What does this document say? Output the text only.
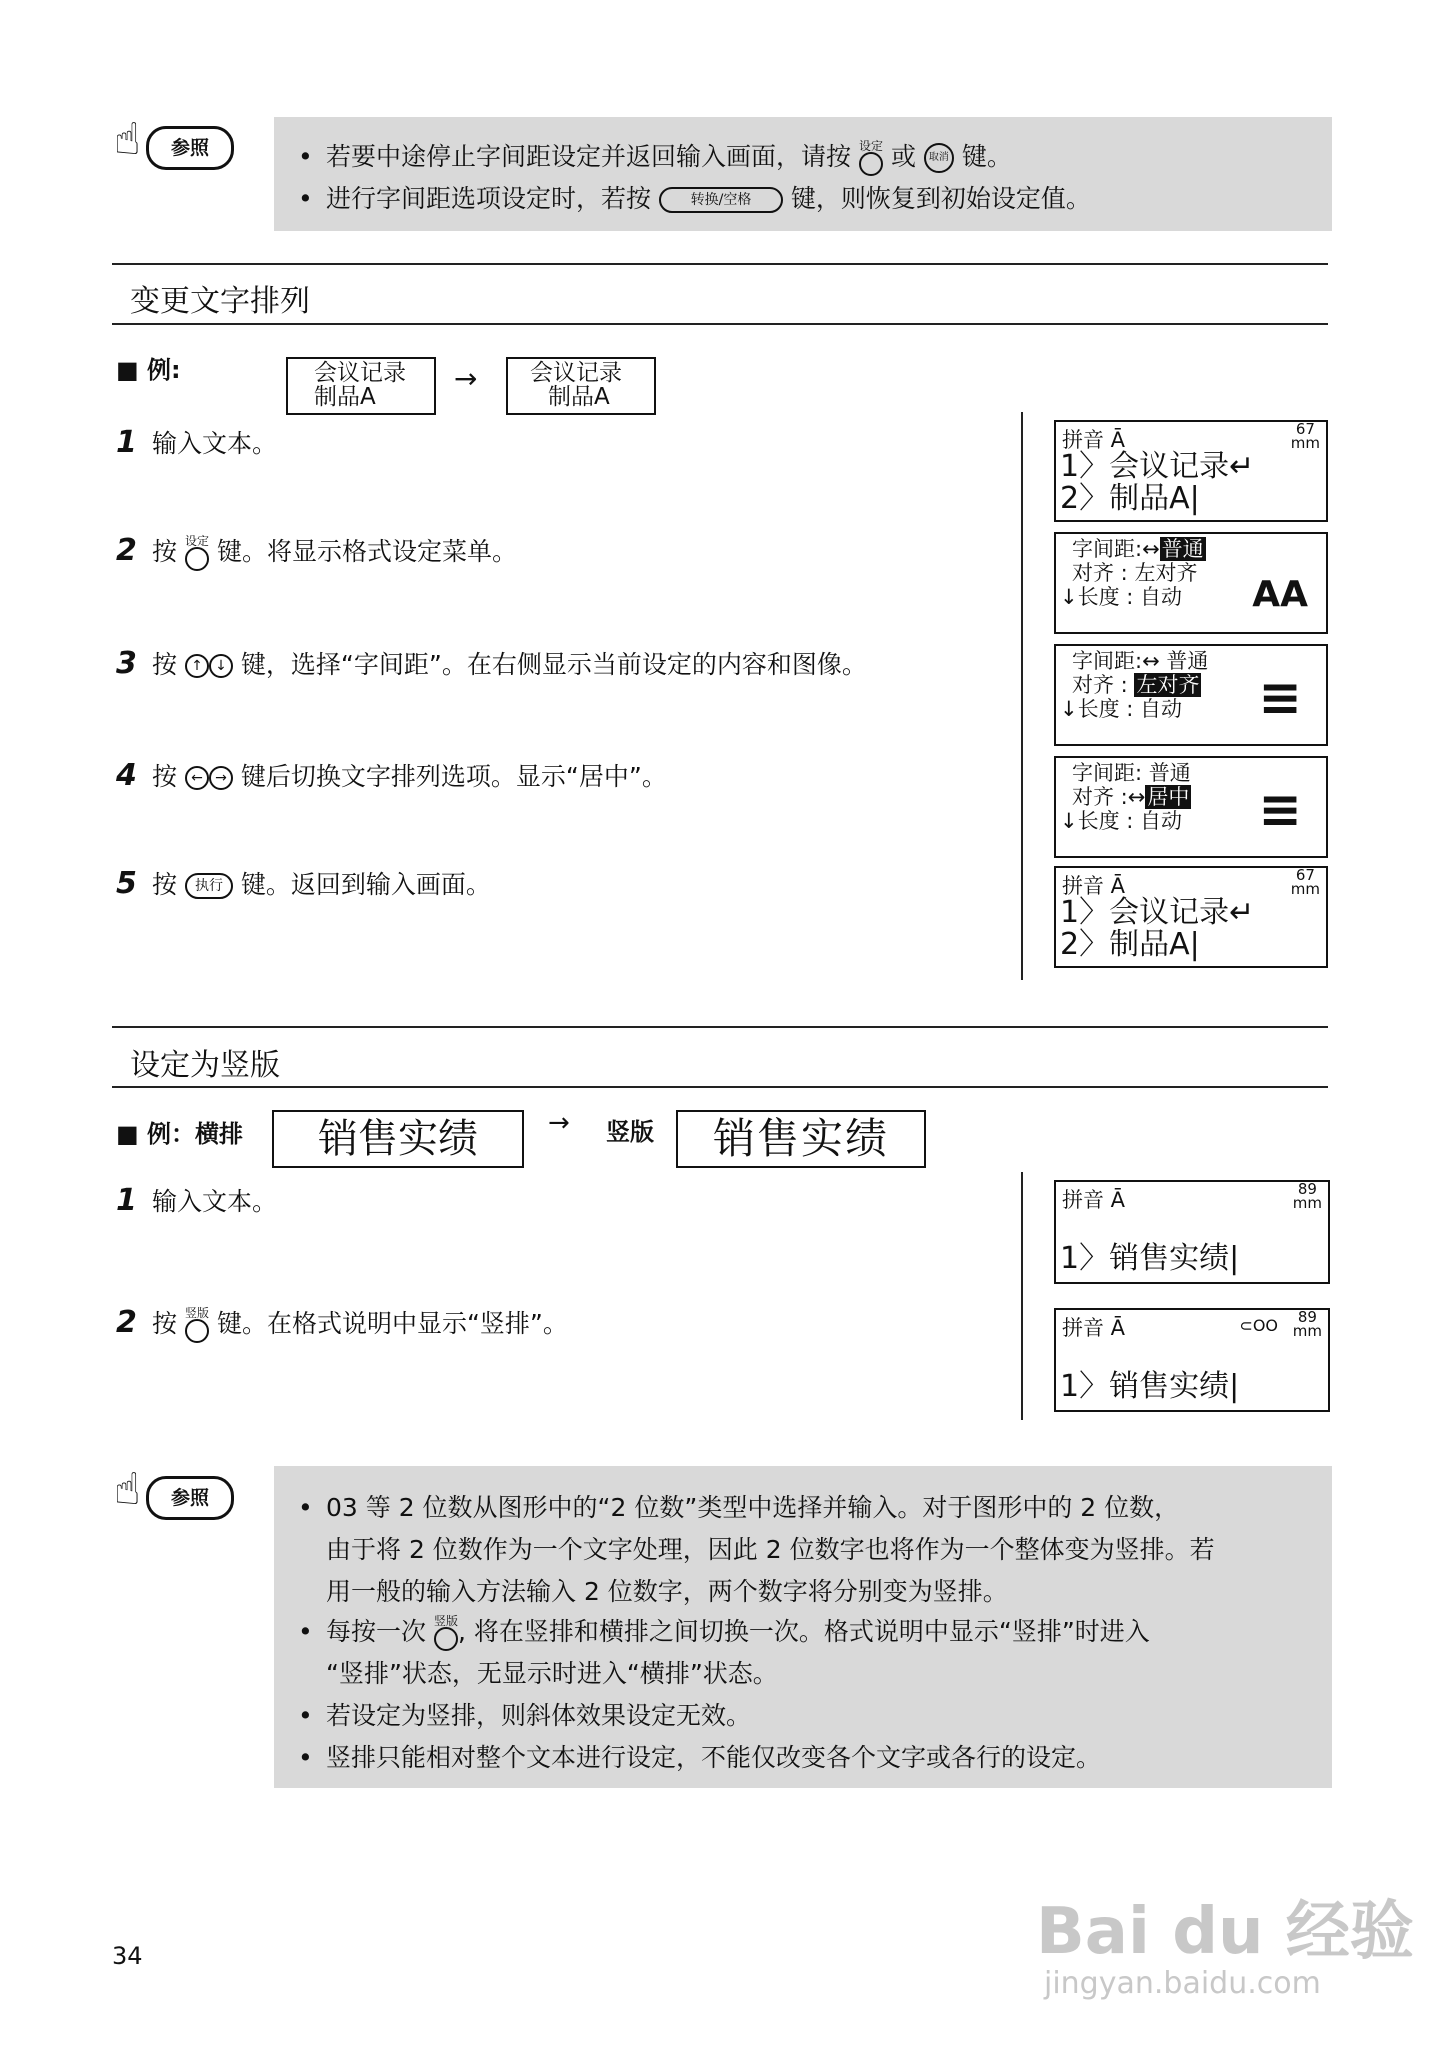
☝	参照	• 若要中途停止字间距设定并返回输入画面，请按 设定 或 取消 键。
• 进行字间距选项设定时，若按	转换/空格 键，则恢复到初始设定值。
变更文字排列
■ 例:	会议记录
制品A
→ 会议记录
制品A
1 输入文本。
2 按 设定 键。将显示格式设定菜单。
3 按 ↑ ↓ 键，选择“字间距”。在右侧显示当前设定的内容和图像。
4 按 ← → 键后切换文字排列选项。显示“居中”。
5 按 执行 键。返回到输入画面。
拼音 Ā	67
mm
1〉会议记录↵
2〉制品A|
字间距:↔普通
对齐 : 左对齐
↓长度 : 自动 AA
字间距:↔ 普通
对齐 : 左对齐
↓长度 : 自动 ≡
字间距: 普通
对齐 :↔居中
↓长度 : 自动 ≡
拼音 Ā	67
mm
1〉会议记录↵
2〉制品A|
设定为竖版
■ 例：横排	销售实绩	→ 竖版	销售实绩
1 输入文本。
2 按 竖版 键。在格式说明中显示“竖排”。
拼音 Ā	89
mm
1〉销售实绩|
拼音 Ā	⊂OO	89
mm
1〉销售实绩|
☝	参照	• 03 等 2 位数从图形中的“2 位数”类型中选择并输入。对于图形中的 2 位数，
由于将 2 位数作为一个文字处理，因此 2 位数字也将作为一个整体变为竖排。若
用一般的输入方法输入 2 位数字，两个数字将分别变为竖排。
• 每按一次 竖版 , 将在竖排和横排之间切换一次。格式说明中显示“竖排”时进入
“竖排”状态，无显示时进入“横排”状态。
• 若设定为竖排，则斜体效果设定无效。
• 竖排只能相对整个文本进行设定，不能仅改变各个文字或各行的设定。
34	Bai du 经验
jingyan.baidu.com
